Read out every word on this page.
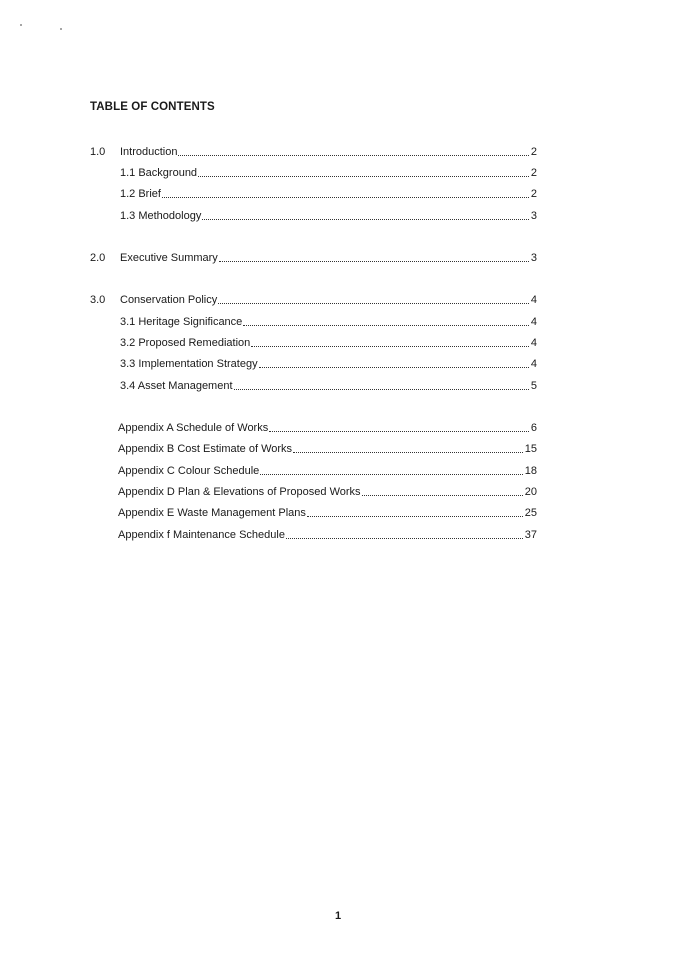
TABLE OF CONTENTS
1.0	Introduction	2
1.1 Background	2
1.2 Brief	2
1.3 Methodology	3
2.0	Executive Summary	3
3.0	Conservation Policy	4
3.1 Heritage Significance	4
3.2 Proposed Remediation	4
3.3 Implementation Strategy	4
3.4 Asset Management	5
Appendix A Schedule of Works	6
Appendix B Cost Estimate of Works	15
Appendix C Colour Schedule	18
Appendix D Plan & Elevations of Proposed Works	20
Appendix E Waste Management Plans	25
Appendix f Maintenance Schedule	37
1
